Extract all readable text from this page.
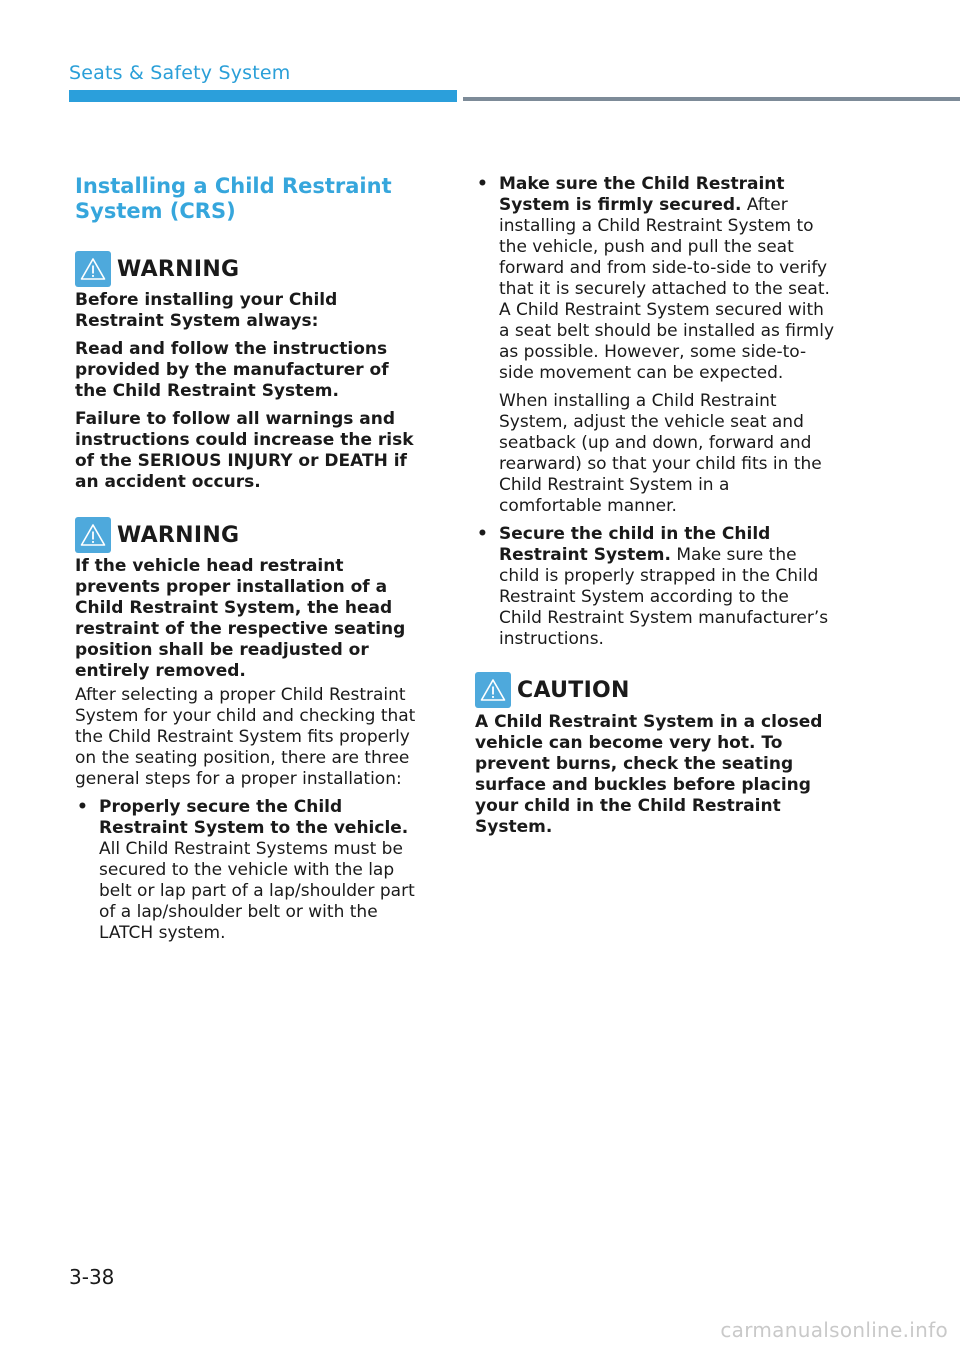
Seats & Safety System
Installing a Child Restraint System (CRS)
WARNING

Before installing your Child Restraint System always:

Read and follow the instructions provided by the manufacturer of the Child Restraint System.

Failure to follow all warnings and instructions could increase the risk of the SERIOUS INJURY or DEATH if an accident occurs.

WARNING

If the vehicle head restraint prevents proper installation of a Child Restraint System, the head restraint of the respective seating position shall be readjusted or entirely removed.

After selecting a proper Child Restraint System for your child and checking that the Child Restraint System fits properly on the seating position, there are three general steps for a proper installation:

• Properly secure the Child Restraint System to the vehicle. All Child Restraint Systems must be secured to the vehicle with the lap belt or lap part of a lap/shoulder part of a lap/shoulder belt or with the LATCH system.
• Make sure the Child Restraint System is firmly secured. After installing a Child Restraint System to the vehicle, push and pull the seat forward and from side-to-side to verify that it is securely attached to the seat. A Child Restraint System secured with a seat belt should be installed as firmly as possible. However, some side-to-side movement can be expected.

When installing a Child Restraint System, adjust the vehicle seat and seatback (up and down, forward and rearward) so that your child fits in the Child Restraint System in a comfortable manner.

• Secure the child in the Child Restraint System. Make sure the child is properly strapped in the Child Restraint System according to the Child Restraint System manufacturer’s instructions.
CAUTION

A Child Restraint System in a closed vehicle can become very hot. To prevent burns, check the seating surface and buckles before placing your child in the Child Restraint System.

3-38
carmanualsonline.info
